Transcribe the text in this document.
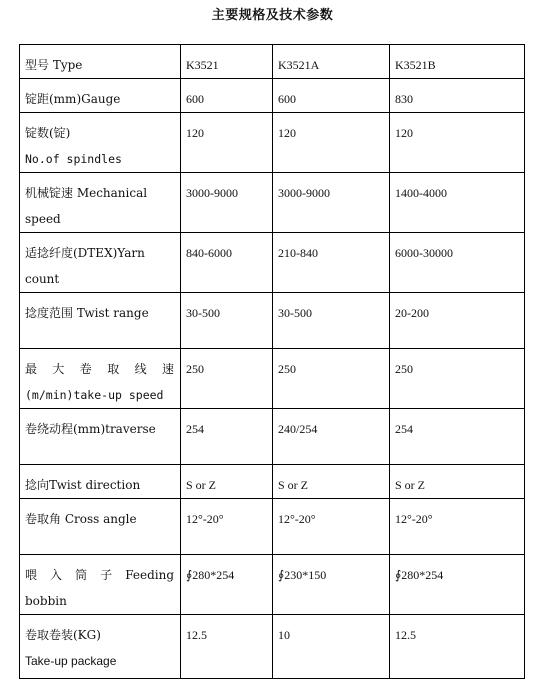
主要规格及技术参数
型号 Type	K3521	K3521A	K3521B

锭距(mm)Gauge	600	600	830

锭数(锭)
No.of spindles	120	120	120

机械锭速 Mechanical
speed	3000-9000	3000-9000	1400-4000

适捻纤度(DTEX)Yarn
count	840-6000	210-840	6000-30000

捻度范围 Twist range	30-500	30-500	20-200

最 大 卷 取 线 速
(m/min)take-up speed	250	250	250

卷绕动程(mm)traverse	254	240/254	254

捻向Twist direction	S or Z	S or Z	S or Z

卷取角 Cross angle	12°-20°	12°-20°	12°-20°

喂 入 筒 子 Feeding
bobbin	∮280*254	∮230*150	∮280*254

卷取卷装(KG)
Take-up package	12.5	10	12.5
